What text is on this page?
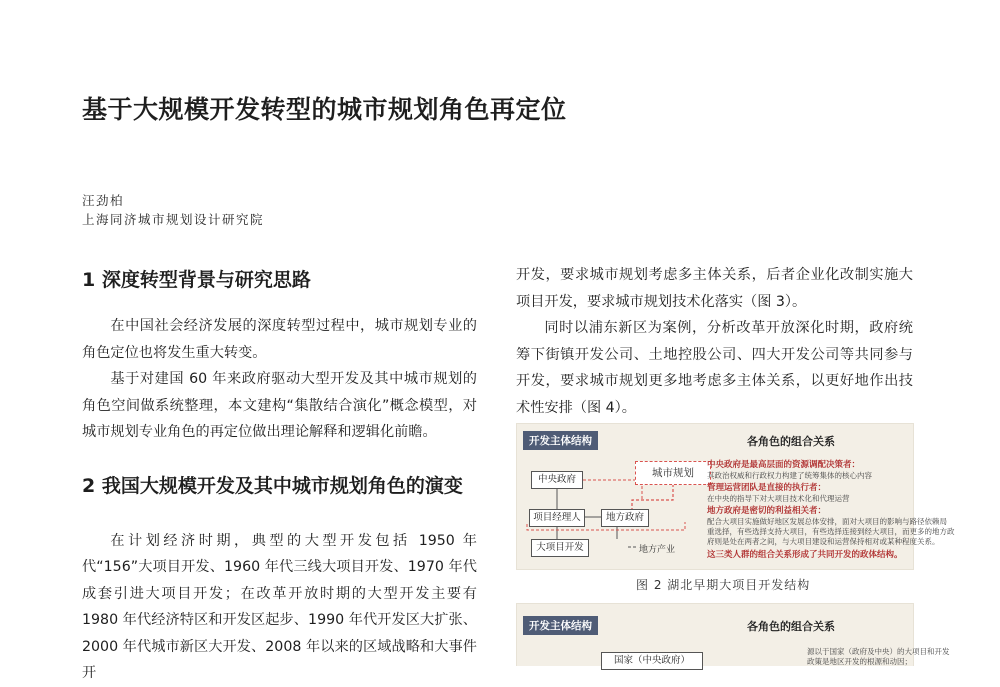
基于大规模开发转型的城市规划角色再定位
汪劲柏
上海同济城市规划设计研究院
1 深度转型背景与研究思路
在中国社会经济发展的深度转型过程中，城市规划专业的角色定位也将发生重大转变。
基于对建国 60 年来政府驱动大型开发及其中城市规划的角色空间做系统整理，本文建构“集散结合演化”概念模型，对城市规划专业角色的再定位做出理论解释和逻辑化前瞻。
2 我国大规模开发及其中城市规划角色的演变
在计划经济时期，典型的大型开发包括 1950 年代“156”大项目开发、1960 年代三线大项目开发、1970 年代成套引进大项目开发；在改革开放时期的大型开发主要有 1980 年代经济特区和开发区起步、1990 年代开发区大扩张、2000 年代城市新区大开发、2008 年以来的区域战略和大事件开
开发，要求城市规划考虑多主体关系，后者企业化改制实施大项目开发，要求城市规划技术化落实（图 3）。
同时以浦东新区为案例，分析改革开放深化时期，政府统筹下街镇开发公司、土地控股公司、四大开发公司等共同参与开发，要求城市规划更多地考虑多主体关系，以更好地作出技术性安排（图 4）。
开发主体结构	各角色的组合关系
中央政府
城市规划
项目经理人	地方政府
大项目开发	地方产业
中央政府是最高层面的资源调配决策者：
其政治权威和行政权力构建了统筹集体的核心内容
管理运营团队是直接的执行者：
在中央的指导下对大项目技术化和代理运营
地方政府是密切的利益相关者：
配合大项目实施做好地区发展总体安排，面对大项目的影响与路径依赖局
重选择，有些选择支持大项目，有些选择连接到经大项目，而更多的地方政
府则是处在两者之间，与大项目建设和运营保持相对或某种程度关系。
这三类人群的组合关系形成了共同开发的政体结构。
图 2 湖北早期大项目开发结构
开发主体结构	各角色的组合关系
国家（中央政府）
源以于国家（政府及中央）的大项目和开发
政策是地区开发的根源和动因；
